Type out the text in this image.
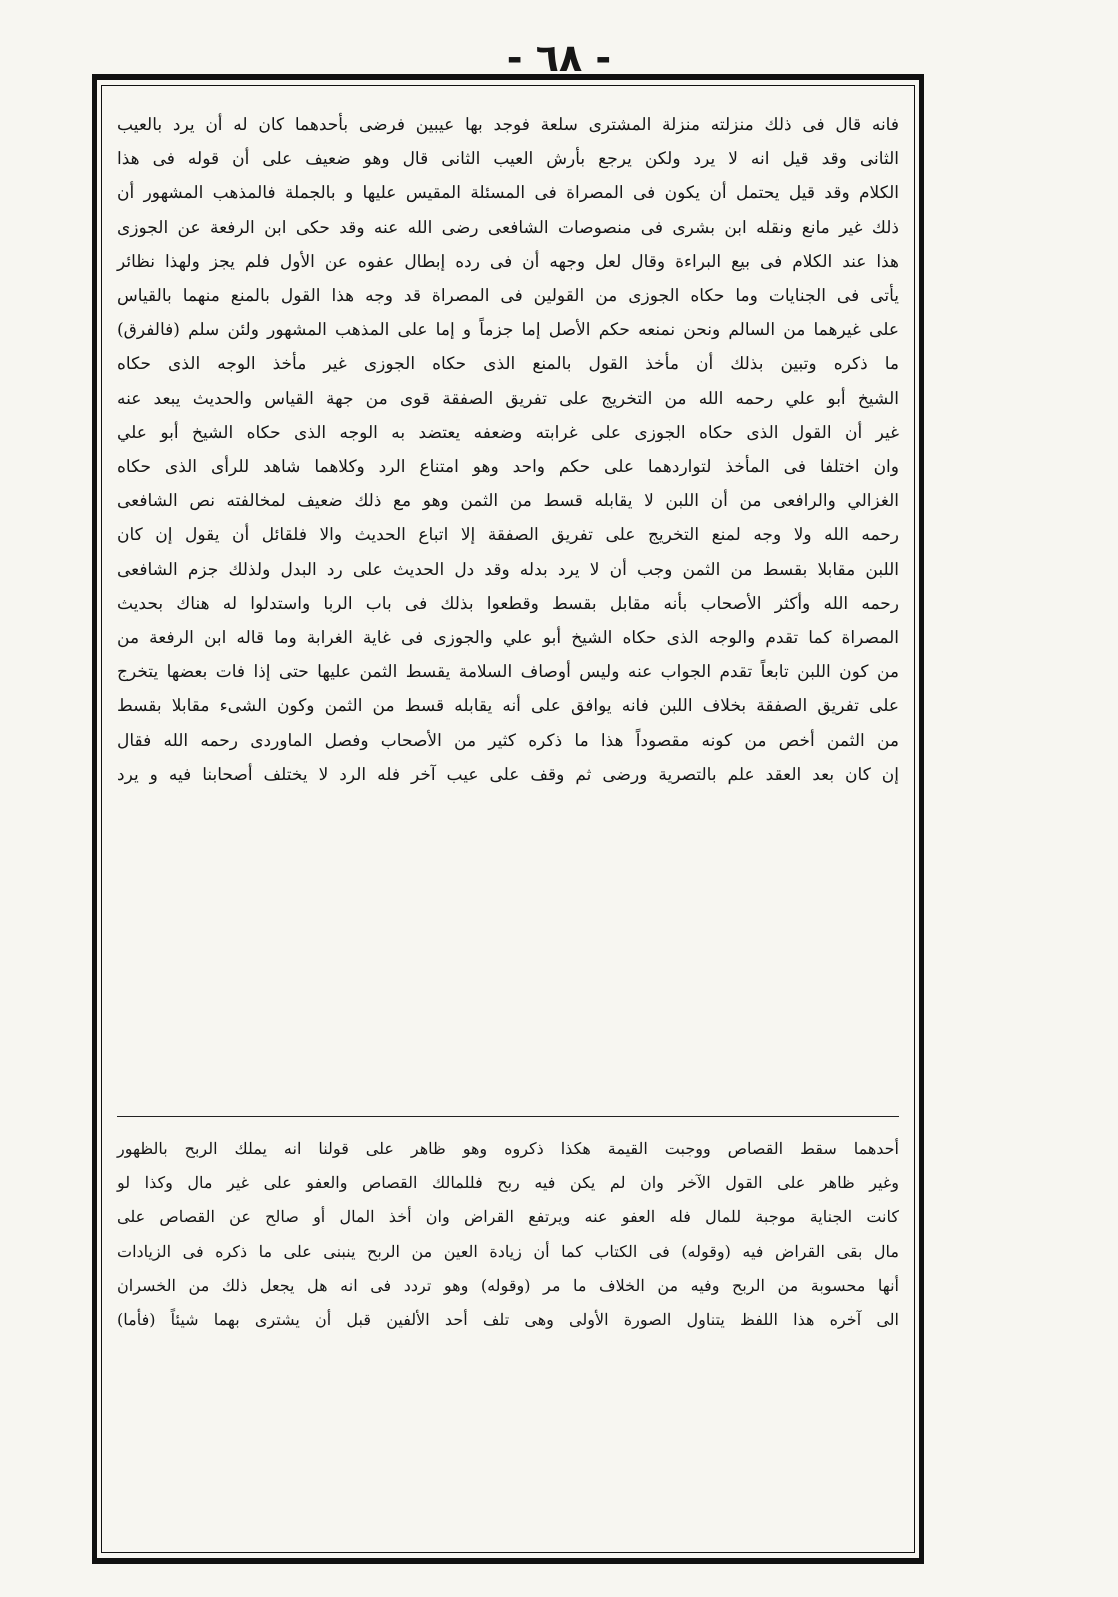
- ٦٨ -
فانه قال فى ذلك منزلته منزلة المشترى سلعة فوجد بها عيبين فرضى بأحدهما كان له أن يرد بالعيب
الثانى وقد قيل انه لا يرد ولكن يرجع بأرش العيب الثانى قال وهو ضعيف على أن قوله فى هذا
الكلام وقد قيل يحتمل أن يكون فى المصراة فى المسئلة المقيس عليها و بالجملة فالمذهب المشهور أن
ذلك غير مانع ونقله ابن بشرى فى منصوصات الشافعى رضى الله عنه وقد حكى ابن الرفعة عن الجوزى
هذا عند الكلام فى بيع البراءة وقال لعل وجهه أن فى رده إبطال عفوه عن الأول فلم يجز ولهذا نظائر
يأتى فى الجنايات وما حكاه الجوزى من القولين فى المصراة قد وجه هذا القول بالمنع منهما بالقياس
على غيرهما من السالم ونحن نمنعه حكم الأصل إما جزماً و إما على المذهب المشهور ولئن سلم (فالفرق)
ما ذكره وتبين بذلك أن مأخذ القول بالمنع الذى حكاه الجوزى غير مأخذ الوجه الذى حكاه
الشيخ أبو علي رحمه الله من التخريج على تفريق الصفقة قوى من جهة القياس والحديث يبعد عنه
غير أن القول الذى حكاه الجوزى على غرابته وضعفه يعتضد به الوجه الذى حكاه الشيخ أبو علي
وان اختلفا فى المأخذ لتواردهما على حكم واحد وهو امتناع الرد وكلاهما شاهد للرأى الذى حكاه
الغزالي والرافعى من أن اللبن لا يقابله قسط من الثمن وهو مع ذلك ضعيف لمخالفته نص الشافعى
رحمه الله ولا وجه لمنع التخريج على تفريق الصفقة إلا اتباع الحديث والا فلقائل أن يقول إن كان
اللبن مقابلا بقسط من الثمن وجب أن لا يرد بدله وقد دل الحديث على رد البدل ولذلك جزم الشافعى
رحمه الله وأكثر الأصحاب بأنه مقابل بقسط وقطعوا بذلك فى باب الربا واستدلوا له هناك بحديث
المصراة كما تقدم والوجه الذى حكاه الشيخ أبو علي والجوزى فى غاية الغرابة وما قاله ابن الرفعة من
من كون اللبن تابعاً تقدم الجواب عنه وليس أوصاف السلامة يقسط الثمن عليها حتى إذا فات بعضها يتخرج
على تفريق الصفقة بخلاف اللبن فانه يوافق على أنه يقابله قسط من الثمن وكون الشىء مقابلا بقسط
من الثمن أخص من كونه مقصوداً هذا ما ذكره كثير من الأصحاب وفصل الماوردى رحمه الله فقال
إن كان بعد العقد علم بالتصرية ورضى ثم وقف على عيب آخر فله الرد لا يختلف أصحابنا فيه و يرد
أحدهما سقط القصاص ووجبت القيمة هكذا ذكروه وهو ظاهر على قولنا انه يملك الربح بالظهور
وغير ظاهر على القول الآخر وان لم يكن فيه ربح فللمالك القصاص والعفو على غير مال وكذا لو
كانت الجناية موجبة للمال فله العفو عنه ويرتفع القراض وان أخذ المال أو صالح عن القصاص على
مال بقى القراض فيه (وقوله) فى الكتاب كما أن زيادة العين من الربح ينبنى على ما ذكره فى الزيادات
أنها محسوبة من الربح وفيه من الخلاف ما مر (وقوله) وهو تردد فى انه هل يجعل ذلك من الخسران
الى آخره هذا اللفظ يتناول الصورة الأولى وهى تلف أحد الألفين قبل أن يشترى بهما شيئاً (فأما)
